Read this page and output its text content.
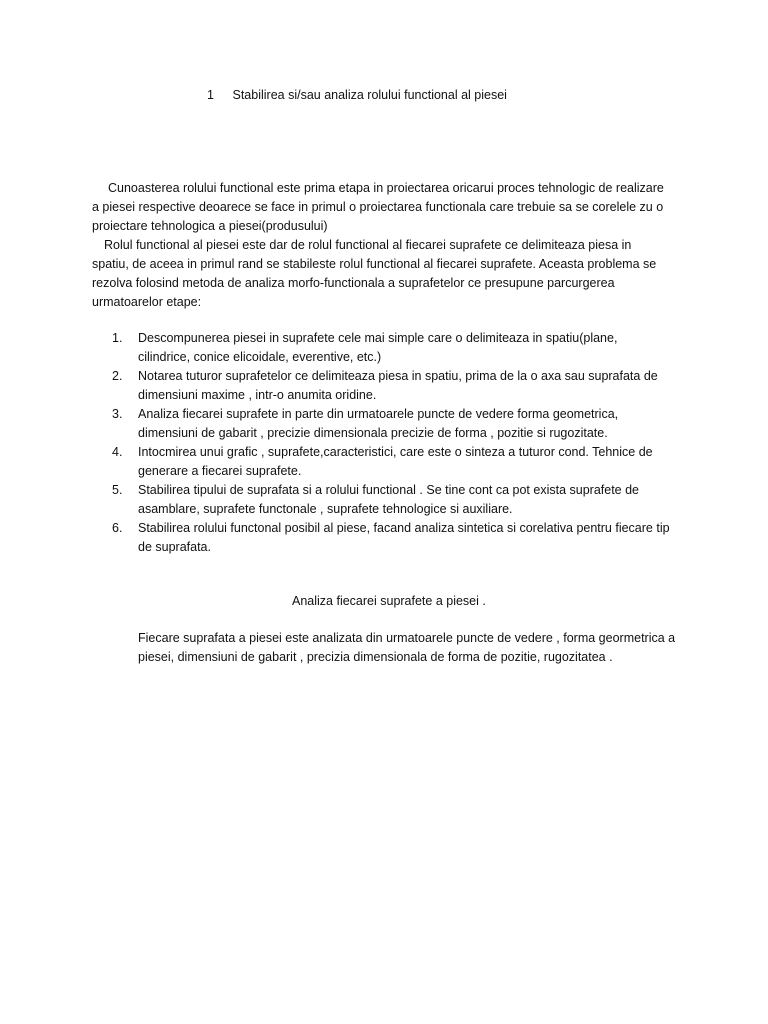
1 Stabilirea si/sau analiza rolului functional al piesei

Cunoasterea rolului functional este prima etapa in proiectarea oricarui proces tehnologic de realizare a piesei respective deoarece se face in primul o proiectarea functionala care trebuie sa se corelele zu o proiectare tehnologica a piesei(produsului)

Rolul functional al piesei este dar de rolul functional al fiecarei suprafete ce delimiteaza piesa in spatiu, de aceea in primul rand se stabileste rolul functional al fiecarei suprafete. Aceasta problema se rezolva folosind metoda de analiza morfo-functionala a suprafetelor ce presupune parcurgerea urmatoarelor etape:

1. Descompunerea piesei in suprafete cele mai simple care o delimiteaza in spatiu(plane, cilindrice, conice elicoidale, everentive, etc.)
2. Notarea tuturor suprafetelor ce delimiteaza piesa in spatiu, prima de la o axa sau suprafata de dimensiuni maxime , intr-o anumita oridine.
3. Analiza fiecarei suprafete in parte din urmatoarele puncte de vedere forma geometrica, dimensiuni de gabarit , precizie dimensionala precizie de forma , pozitie si rugozitate.
4. Intocmirea unui grafic , suprafete,caracteristici, care este o sinteza a tuturor cond. Tehnice de generare a fiecarei suprafete.
5. Stabilirea tipului de suprafata si a rolului functional . Se tine cont ca pot exista suprafete de asamblare, suprafete functonale , suprafete tehnologice si auxiliare.
6. Stabilirea rolului functonal posibil al piese, facand analiza sintetica si corelativa pentru fiecare tip de suprafata.
Analiza fiecarei suprafete a piesei .

Fiecare suprafata a piesei este analizata din urmatoarele puncte de vedere , forma geormetrica a piesei, dimensiuni de gabarit , precizia dimensionala de forma de pozitie, rugozitatea .
